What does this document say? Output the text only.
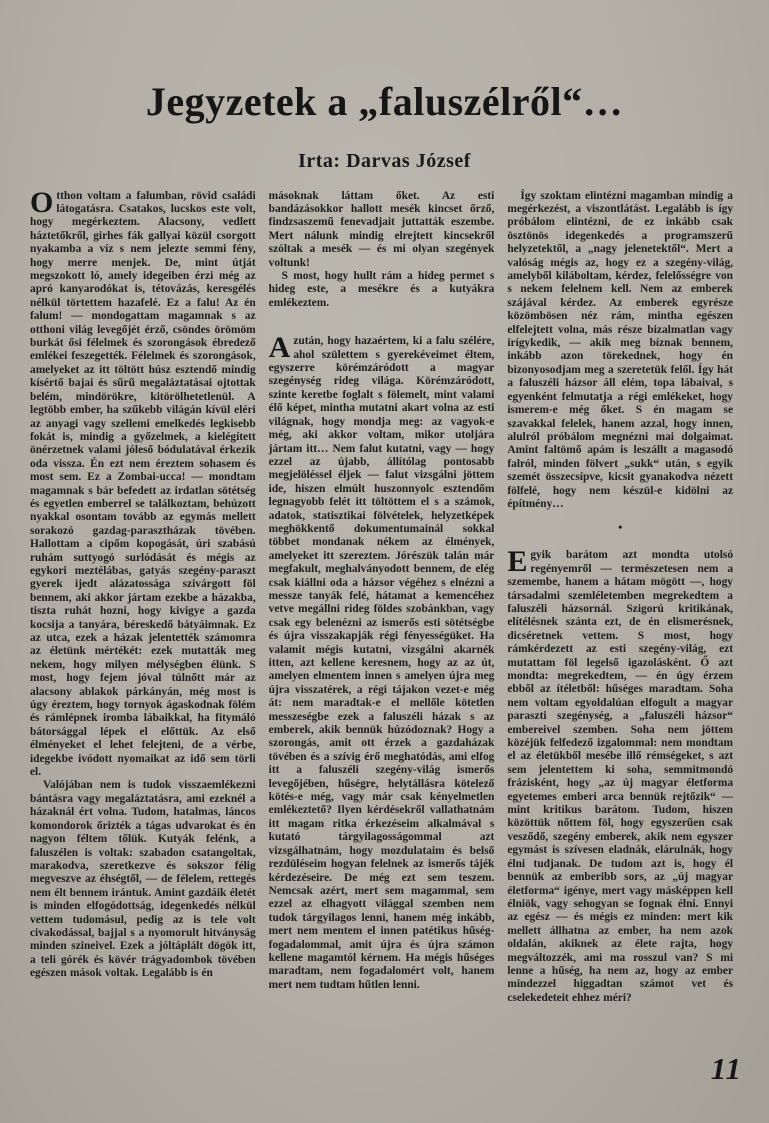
Jegyzetek a „faluszélről“…
Irta: Darvas József

Otthon voltam a falumban, rövid családi látogatásra. Csatakos, lucskos este volt, hogy megérkeztem. Alacsony, vedlett háztetőkről, girhes fák gallyai közül csorgott nyakamba a víz s nem jelezte semmi fény, hogy merre menjek. De, mint útját megszokott ló, amely idegeiben érzi még az apró kanyarodókat is, tétovázás, keresgélés nélkül törtettem hazafelé. Ez a falu! Az én falum! — mondogattam magamnak s az otthoni világ levegőjét érző, csöndes örömöm burkát ősi félelmek és szorongások ébredező emlékei feszegették. Félelmek és szorongások, amelyeket az itt töltött húsz esztendő mindig kísértő bajai és sűrű megaláztatásai ojtottak belém, mindörökre, kitörölhetetlenül. A legtöbb ember, ha szűkebb világán kívül eléri az anyagi vagy szellemi emelkedés legkisebb fokát is, mindig a győzelmek, a kielégített önérzetnek valami jóleső bódulatával érkezik oda vissza. Én ezt nem éreztem sohasem és most sem. Ez a Zombai-ucca! — mondtam magamnak s bár befedett az irdatlan sötétség és egyetlen emberrel se találkoztam, behúzott nyakkal osontam tovább az egymás mellett sorakozó gazdag-parasztházak tövében. Hallottam a cipőm kopogását, úri szabású ruhám suttyogó surlódását és mégis az egykori meztélábas, gatyás szegény-paraszt gyerek ijedt alázatossága szivárgott föl bennem, aki akkor jártam ezekbe a házakba, tiszta ruhát hozni, hogy kivigye a gazda kocsija a tanyára, béreskedő bátyáimnak. Ez az utca, ezek a házak jelentették számomra az életünk mértékét: ezek mutatták meg nekem, hogy milyen mélységben élünk. S most, hogy fejem jóval túlnőtt már az alacsony ablakok párkányán, még most is úgy éreztem, hogy tornyok ágaskodnak fölém és rámlépnek iromba lábaikkal, ha fitymáló bátorsággal lépek el előttük. Az első élményeket el lehet felejteni, de a vérbe, idegekbe ivódott nyomaikat az idő sem törli el.

Valójában nem is tudok visszaemlékezni bántásra vagy megaláztatásra, ami ezeknél a házaknál ért volna. Tudom, hatalmas, láncos komondorok őrizték a tágas udvarokat és én nagyon féltem tőlük. Kutyák felénk, a faluszélen is voltak: szabadon csatangoltak, marakodva, szeretkezve és sokszor félig megveszve az éhségtől, — de félelem, rettegés nem élt bennem irántuk. Amint gazdáik életét is minden elfogódottság, idegenkedés nélkül vettem tudomásul, pedig az is tele volt civakodással, bajjal s a nyomorult hitványság minden szineivel. Ezek a jóltáplált dögök itt, a teli górék és kövér trágyadombok tövében egészen mások voltak. Legalább is én

másoknak láttam őket. Az esti bandázásokkor hallott mesék kincset őrző, findzsaszemű fenevadjait juttatták eszembe. Mert nálunk mindig elrejtett kincsekről szóltak a mesék — és mi olyan szegények voltunk!

S most, hogy hullt rám a hideg permet s hideg este, a mesékre és a kutyákra emlékeztem.

Azután, hogy hazaértem, ki a falu szélére, ahol születtem s gyerekéveimet éltem, egyszerre körémzáródott a magyar szegénység rideg világa. Körémzáródott, szinte keretbe foglalt s fölemelt, mint valami élő képet, mintha mutatni akart volna az esti világnak, hogy mondja meg: az vagyok-e még, aki akkor voltam, mikor utoljára jártam itt… Nem falut kutatni, vagy — hogy ezzel az újabb, állítólag pontosabb megjelöléssel éljek — falut vizsgálni jöttem ide, hiszen elmúlt huszonnyolc esztendőm legnagyobb felét itt töltöttem el s a számok, adatok, statisztikai fölvételek, helyzetképek meghökkentő dokumentumainál sokkal többet mondanak nékem az élmények, amelyeket itt szereztem. Jórészük talán már megfakult, meghalványodott bennem, de elég csak kiállni oda a házsor végéhez s elnézni a messze tanyák felé, hátamat a kemencéhez vetve megállni rideg földes szobánkban, vagy csak egy belenézni az ismerős esti sötétségbe és újra visszakapják régi fényességüket. Ha valamit mégis kutatni, vizsgálni akarnék itten, azt kellene keresnem, hogy az az út, amelyen elmentem innen s amelyen újra meg újra visszatérek, a régi tájakon vezet-e még át: nem maradtak-e el mellőle kötetlen messzeségbe ezek a faluszéli házak s az emberek, akik bennük húzódoznak? Hogy a szorongás, amit ott érzek a gazdaházak tövében és a szívig érő meghatódás, ami elfog itt a faluszéli szegény-világ ismerős levegőjében, hűségre, helytállásra kötelező kötés-e még, vagy már csak kényelmetlen emlékeztető? Ilyen kérdésekről vallathatnám itt magam ritka érkezéseim alkalmával s kutató tárgyilagosságommal azt vizsgálhatnám, hogy mozdulataim és belső rezdüléseim hogyan felelnek az ismerős tájék kérdezéseire. De még ezt sem teszem. Nemcsak azért, mert sem magammal, sem ezzel az elhagyott világgal szemben nem tudok tárgyilagos lenni, hanem még inkább, mert nem mentem el innen patétikus hűség-fogadalommal, amit újra és újra számon kellene magamtól kérnem. Ha mégis hűséges maradtam, nem fogadalomért volt, hanem mert nem tudtam hűtlen lenni.

Így szoktam elintézni magamban mindig a megérkezést, a viszontlátást. Legalább is így próbálom elintézni, de ez inkább csak ösztönös idegenkedés a programszerű helyzetektől, a „nagy jelenetektől“. Mert a valóság mégis az, hogy ez a szegény-világ, amelyből kiláboltam, kérdez, felelősségre von s nekem felelnem kell. Nem az emberek szájával kérdez. Az emberek egyrésze közömbösen néz rám, mintha egészen elfelejtett volna, más része bizalmatlan vagy irígykedik, — akik meg bíznak bennem, inkább azon törekednek, hogy én bizonyosodjam meg a szeretetük felől. Így hát a faluszéli házsor áll elém, topa lábaival, s egyenként felmutatja a régi emlékeket, hogy ismerem-e még őket. S én magam se szavakkal felelek, hanem azzal, hogy innen, alulról próbálom megnézni mai dolgaimat. Amint faltömő apám is leszállt a magasodó falról, minden fölvert „sukk“ után, s egyik szemét összecsípve, kicsit gyanakodva nézett fölfelé, hogy nem készül-e kidölni az építmény…

•

Egyik barátom azt mondta utolsó regényemről — természetesen nem a szemembe, hanem a hátam mögött —, hogy társadalmi szemléletemben megrekedtem a faluszéli házsornál. Szigorú kritikának, elítélésnek szánta ezt, de én elismerésnek, dicséretnek vettem. S most, hogy rámkérdezett az esti szegény-világ, ezt mutattam föl legelső igazolásként. Ő azt mondta: megrekedtem, — én úgy érzem ebből az ítéletből: hűséges maradtam. Soha nem voltam egyoldalúan elfogult a magyar paraszti szegénység, a „faluszéli házsor“ embereivel szemben. Soha nem jöttem közéjük felfedező izgalommal: nem mondtam el az életükből mesébe illő rémségeket, s azt sem jelentettem ki soha, semmitmondó frázisként, hogy „az új magyar életforma egyetemes emberi arca bennük rejtőzik“ — mint kritikus barátom. Tudom, hiszen közöttük nőttem föl, hogy egyszerűen csak vesződő, szegény emberek, akik nem egyszer egymást is szívesen eladnák, elárulnák, hogy élni tudjanak. De tudom azt is, hogy él bennük az emberibb sors, az „új magyar életforma“ igénye, mert vagy másképpen kell élniök, vagy sehogyan se fognak élni. Ennyi az egész — és mégis ez minden: mert kik mellett állhatna az ember, ha nem azok oldalán, akiknek az élete rajta, hogy megváltozzék, ami ma rosszul van? S mi lenne a hűség, ha nem az, hogy az ember mindezzel higgadtan számot vet és cselekedeteit ehhez méri?

11
